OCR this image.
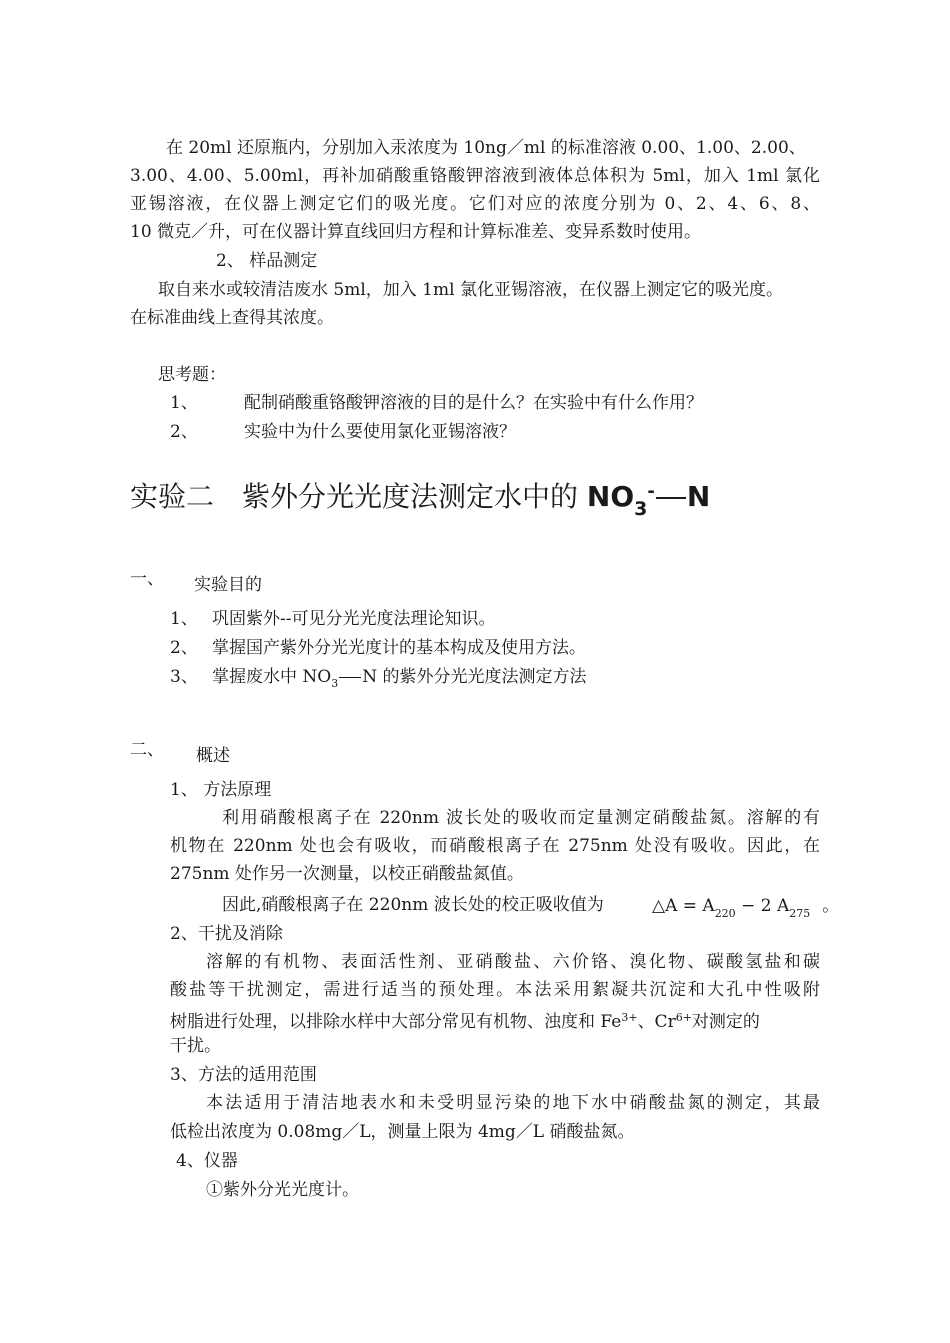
在 20ml 还原瓶内，分别加入汞浓度为 10ng／ml 的标准溶液 0.00、1.00、2.00、
3.00、4.00、5.00ml，再补加硝酸重铬酸钾溶液到液体总体积为 5ml，加入 1ml 氯化
亚锡溶液，在仪器上测定它们的吸光度。它们对应的浓度分别为 0、2、4、6、8、
10 微克／升，可在仪器计算直线回归方程和计算标准差、变异系数时使用。
2、 样品测定
取自来水或较清洁废水 5ml，加入 1ml 氯化亚锡溶液，在仪器上测定它的吸光度。
在标准曲线上查得其浓度。
思考题：
1、	配制硝酸重铬酸钾溶液的目的是什么？在实验中有什么作用？
2、	实验中为什么要使用氯化亚锡溶液？
实验二　紫外分光光度法测定水中的 $NO_3^-$ N
一、 实验目的
1、 巩固紫外--可见分光光度法理论知识。
2、 掌握国产紫外分光光度计的基本构成及使用方法。
3、 掌握废水中 $NO_3$ N 的紫外分光光度法测定方法
二、 概述
1、 方法原理
利用硝酸根离子在 220nm 波长处的吸收而定量测定硝酸盐氮。溶解的有
机物在 220nm 处也会有吸收，而硝酸根离子在 275nm 处没有吸收。因此，在
275nm 处作另一次测量，以校正硝酸盐氮值。
因此,硝酸根离子在 220nm 波长处的校正吸收值为	△A = $A_{220} - 2$ $A_{275}$ 。
2、干扰及消除
溶解的有机物、表面活性剂、亚硝酸盐、六价铬、溴化物、碳酸氢盐和碳
酸盐等干扰测定，需进行适当的预处理。本法采用絮凝共沉淀和大孔中性吸附
树脂进行处理，以排除水样中大部分常见有机物、浊度和 $Fe^{3+}$、$Cr^{6+}$对测定的
干扰。
3、方法的适用范围
本法适用于清洁地表水和未受明显污染的地下水中硝酸盐氮的测定，其最
低检出浓度为 0.08mg／L，测量上限为 4mg／L 硝酸盐氮。
4、仪器
①紫外分光光度计。
